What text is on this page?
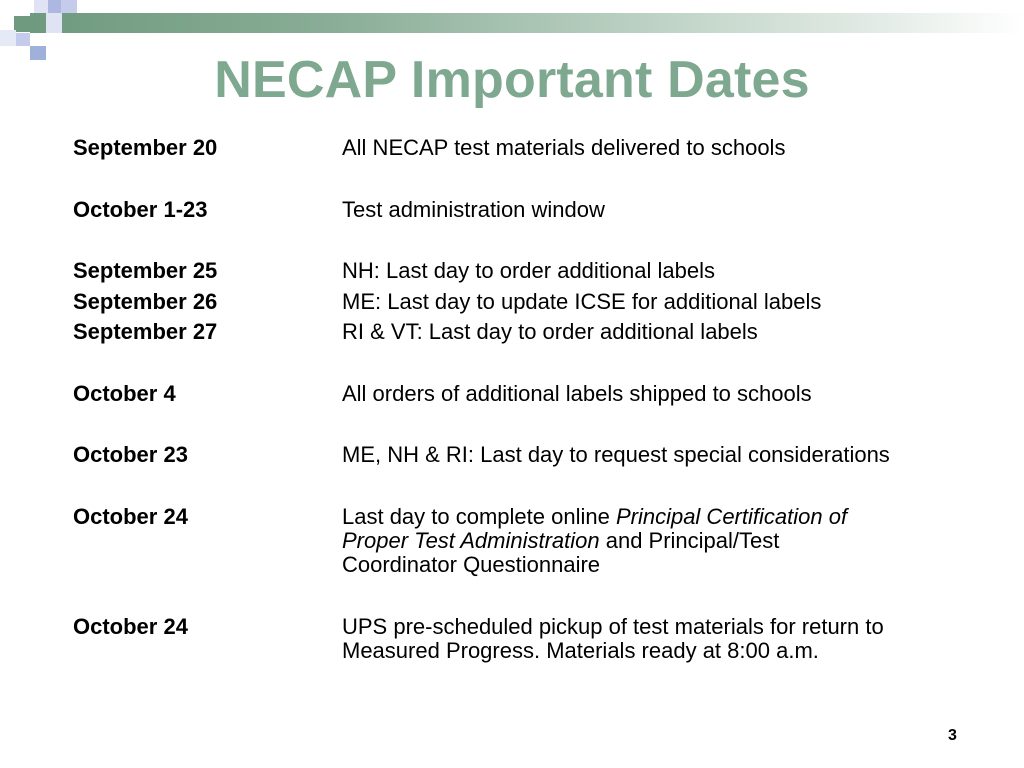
NECAP Important Dates
September 20	All NECAP test materials delivered to schools
October 1-23	Test administration window
September 25	NH: Last day to order additional labels
September 26	ME: Last day to update ICSE for additional labels
September 27	RI & VT: Last day to order additional labels
October 4	All orders of additional labels shipped to schools
October 23	ME, NH & RI: Last day to request special considerations
October 24	Last day to complete online Principal Certification of
Proper Test Administration and Principal/Test
Coordinator Questionnaire
October 24	UPS pre-scheduled pickup of test materials for return to
Measured Progress. Materials ready at 8:00 a.m.
3
